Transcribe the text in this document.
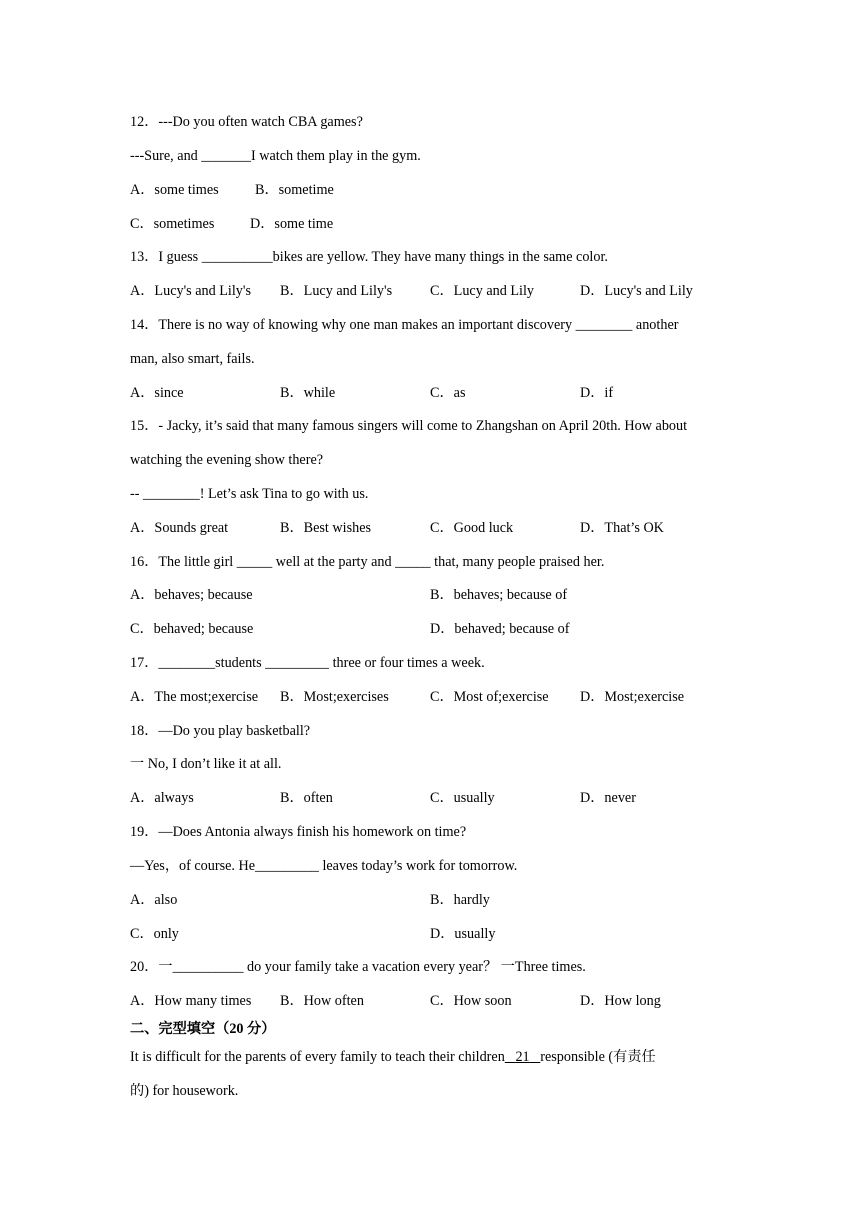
12．---Do you often watch CBA games?
---Sure, and _______I watch them play in the gym.
A．some times	B．sometime
C．sometimes	D．some time
13．I guess __________bikes are yellow. They have many things in the same color.
A．Lucy's and Lily's B．Lucy and Lily's	C．Lucy and Lily	D．Lucy's and Lily
14．There is no way of knowing why one man makes an important discovery ________ another
man, also smart, fails.
A．since	B．while	C．as	D．if
15．- Jacky, it’s said that many famous singers will come to Zhangshan on April 20th. How about
watching the evening show there?
-- ________! Let’s ask Tina to go with us.
A．Sounds great	B．Best wishes	C．Good luck	D．That’s OK
16．The little girl _____ well at the party and _____ that, many people praised her.
A．behaves; because	B．behaves; because of
C．behaved; because	D．behaved; because of
17．________students _________ three or four times a week.
A．The most;exercise B．Most;exercises	C．Most of;exercise D．Most;exercise
18．—Do you play basketball?
一 No, I don’t like it at all.
A．always	B．often	C．usually	D．never
19．—Does Antonia always finish his homework on time?
—Yes，of course. He_________ leaves today’s work for tomorrow.
A．also	B．hardly
C．only	D．usually
20．一__________ do your family take a vacation every year？ 一Three times.
A．How many times B．How often	C．How soon	D．How long
二、完型填空（20 分）
It is difficult for the parents of every family to teach their children 21 responsible (有责任
的) for housework.
